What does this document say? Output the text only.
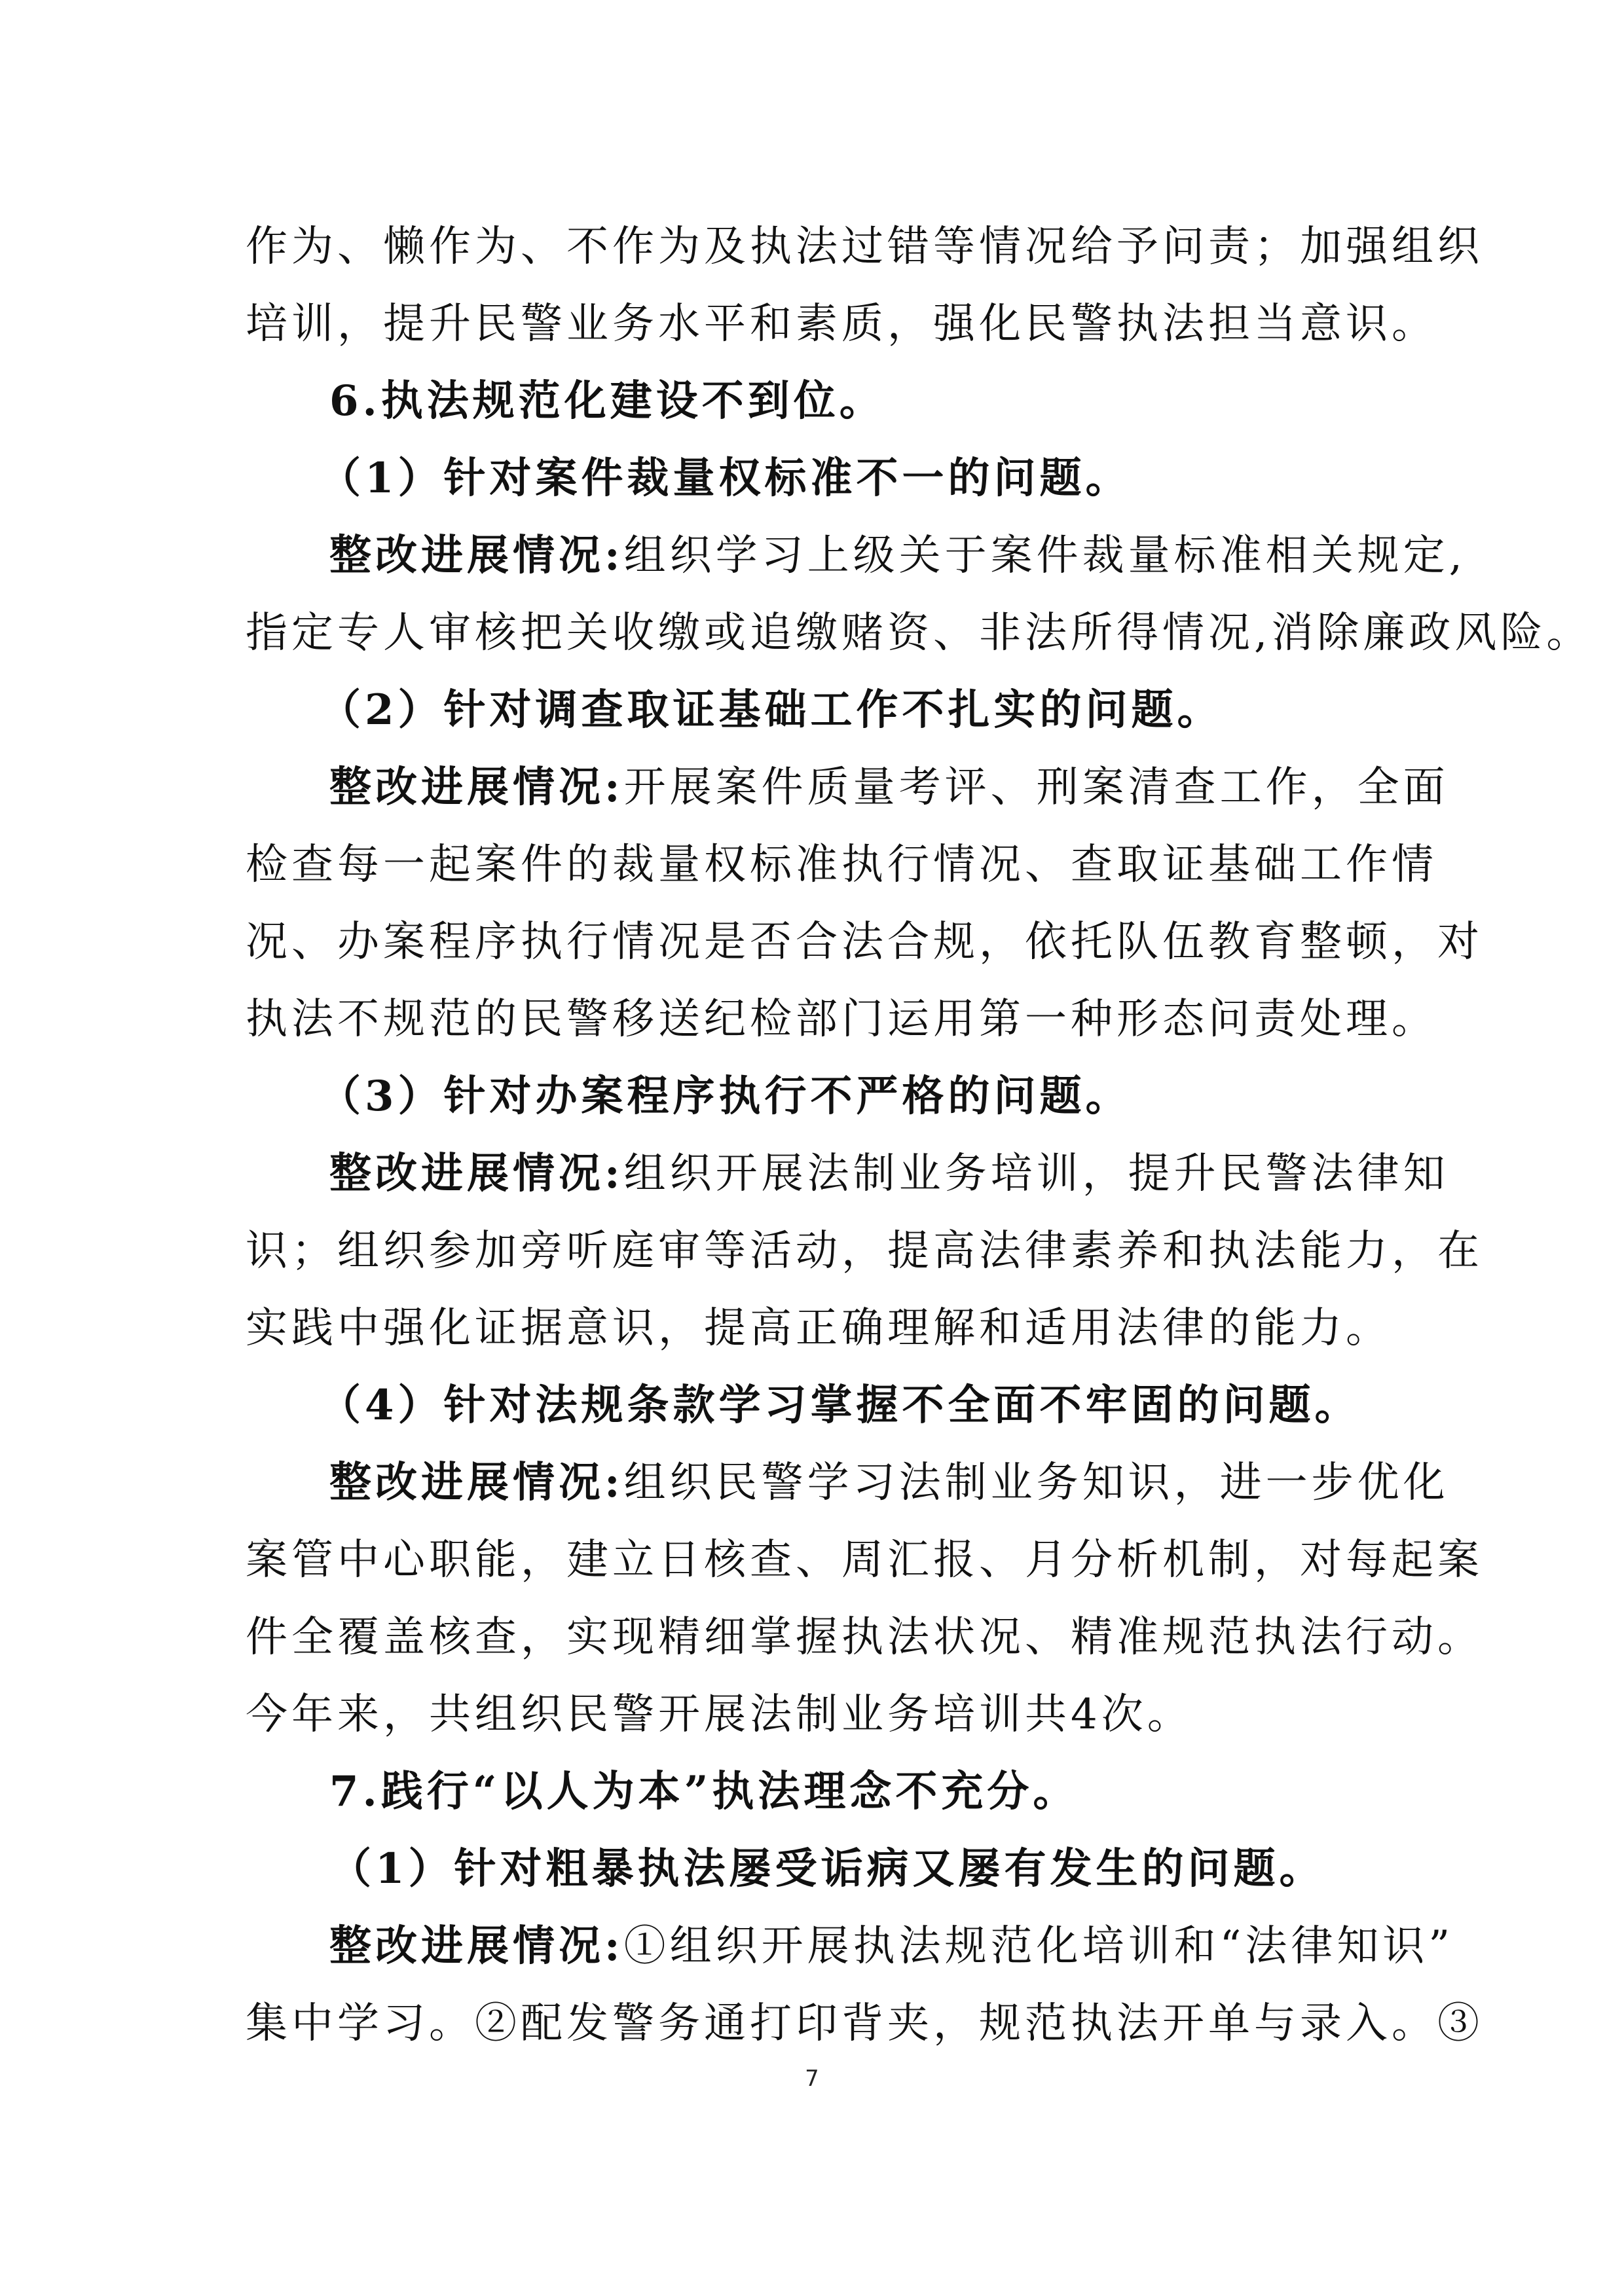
作为、懒作为、不作为及执法过错等情况给予问责；加强组织
培训，提升民警业务水平和素质，强化民警执法担当意识。
6.执法规范化建设不到位。
（1）针对案件裁量权标准不一的问题。
整改进展情况:组织学习上级关于案件裁量标准相关规定,
指定专人审核把关收缴或追缴赌资、非法所得情况,消除廉政风险。
（2）针对调查取证基础工作不扎实的问题。
整改进展情况:开展案件质量考评、刑案清查工作，全面
检查每一起案件的裁量权标准执行情况、查取证基础工作情
况、办案程序执行情况是否合法合规，依托队伍教育整顿，对
执法不规范的民警移送纪检部门运用第一种形态问责处理。
（3）针对办案程序执行不严格的问题。
整改进展情况:组织开展法制业务培训，提升民警法律知
识；组织参加旁听庭审等活动，提高法律素养和执法能力，在
实践中强化证据意识，提高正确理解和适用法律的能力。
（4）针对法规条款学习掌握不全面不牢固的问题。
整改进展情况:组织民警学习法制业务知识，进一步优化
案管中心职能，建立日核查、周汇报、月分析机制，对每起案
件全覆盖核查，实现精细掌握执法状况、精准规范执法行动。
今年来，共组织民警开展法制业务培训共4次。
7.践行“以人为本”执法理念不充分。
（1）针对粗暴执法屡受诟病又屡有发生的问题。
整改进展情况:①组织开展执法规范化培训和“法律知识”
集中学习。②配发警务通打印背夹，规范执法开单与录入。③
7
